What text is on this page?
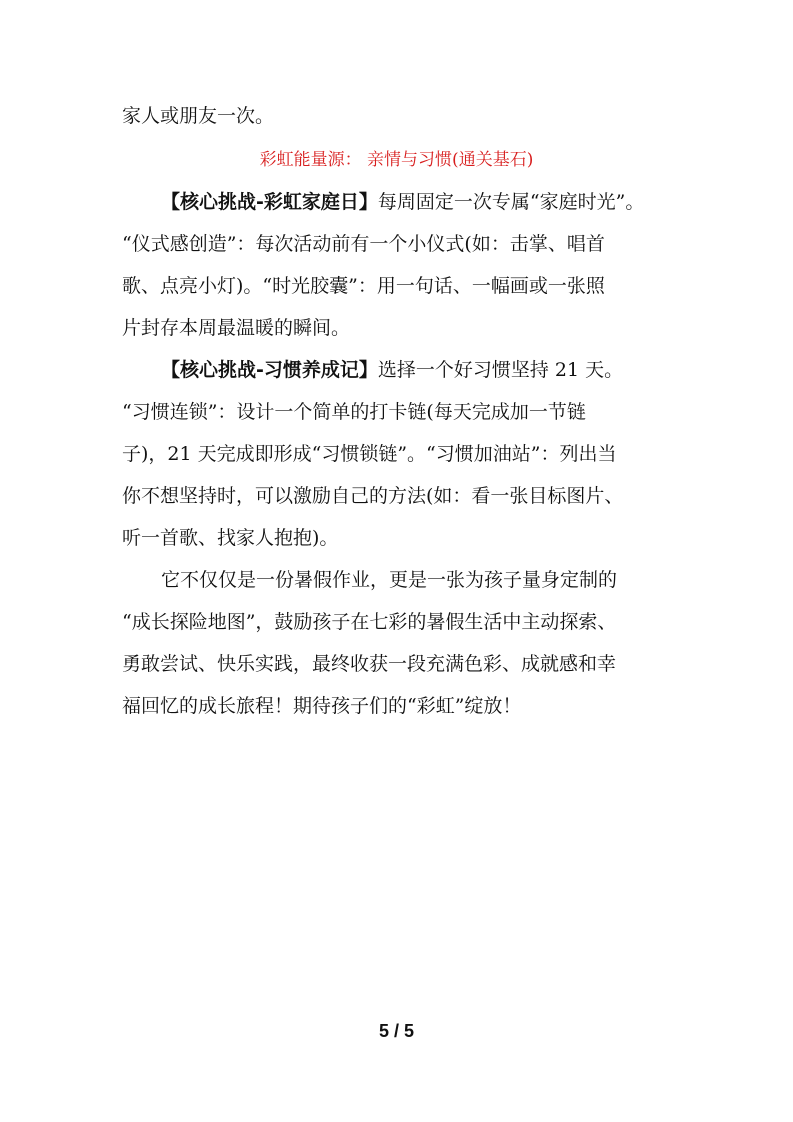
家人或朋友一次。
彩虹能量源： 亲情与习惯(通关基石)
【核心挑战-彩虹家庭日】每周固定一次专属“家庭时光”。
“仪式感创造”：每次活动前有一个小仪式(如：击掌、唱首
歌、点亮小灯)。“时光胶囊”：用一句话、一幅画或一张照
片封存本周最温暖的瞬间。
【核心挑战-习惯养成记】选择一个好习惯坚持 21 天。
“习惯连锁”：设计一个简单的打卡链(每天完成加一节链
子)，21 天完成即形成“习惯锁链”。“习惯加油站”：列出当
你不想坚持时，可以激励自己的方法(如：看一张目标图片、
听一首歌、找家人抱抱)。
它不仅仅是一份暑假作业，更是一张为孩子量身定制的
“成长探险地图”，鼓励孩子在七彩的暑假生活中主动探索、
勇敢尝试、快乐实践，最终收获一段充满色彩、成就感和幸
福回忆的成长旅程！期待孩子们的“彩虹”绽放！
5 / 5
